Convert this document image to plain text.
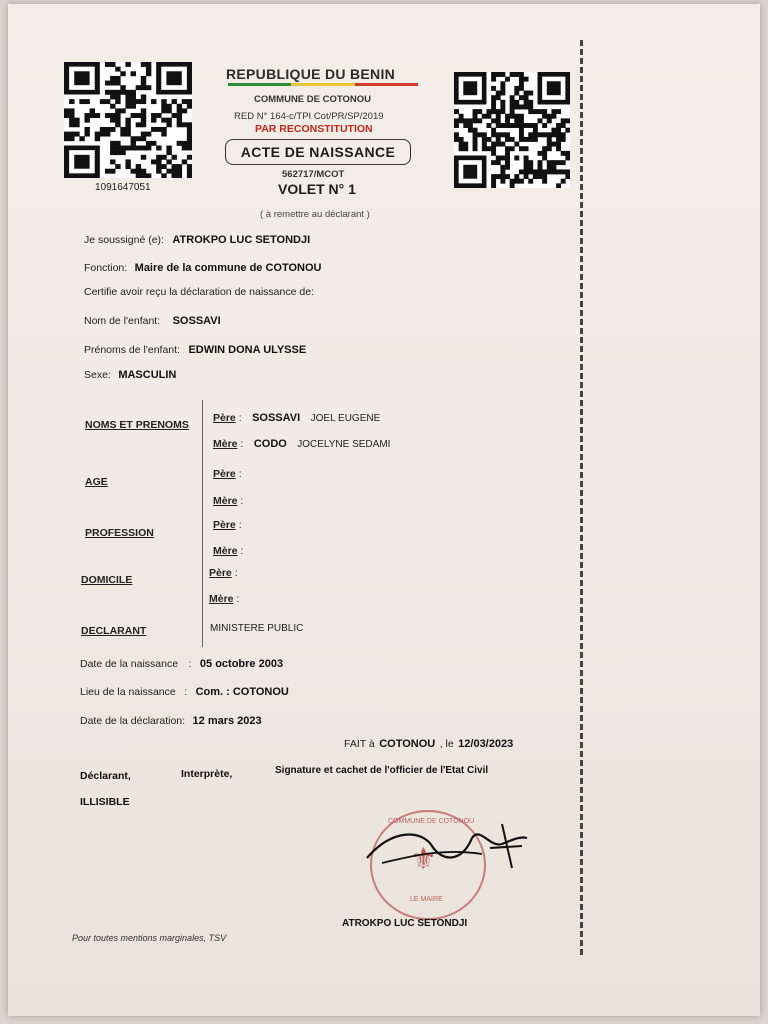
1091647051
REPUBLIQUE DU BENIN
COMMUNE DE COTONOU
RED N° 164-c/TPI Cot/PR/SP/2019
PAR RECONSTITUTION
ACTE DE NAISSANCE
562717/MCOT
VOLET N° 1
( à remettre au déclarant )
Je soussigné (e): ATROKPO LUC SETONDJI
Fonction: Maire de la commune de COTONOU
Certifie avoir reçu la déclaration de naissance de:
Nom de l'enfant: SOSSAVI
Prénoms de l'enfant: EDWIN DONA ULYSSE
Sexe: MASCULIN
NOMS ET PRENOMS
Père : SOSSAVI JOEL EUGENE
Mère : CODO JOCELYNE SEDAMI
AGE
Père :
Mère :
PROFESSION
Père :
Mère :
DOMICILE
Père :
Mère :
DECLARANT	MINISTERE PUBLIC
Date de la naissance : 05 octobre 2003
Lieu de la naissance : Com. : COTONOU
Date de la déclaration: 12 mars 2023
FAIT à COTONOU , le 12/03/2023
Déclarant,	Interprète,	Signature et cachet de l'officier de l'Etat Civil
ILLISIBLE
COMMUNE DE COTONOU
⚜
LE MAIRE
ATROKPO LUC SETONDJI
Pour toutes mentions marginales, TSV
